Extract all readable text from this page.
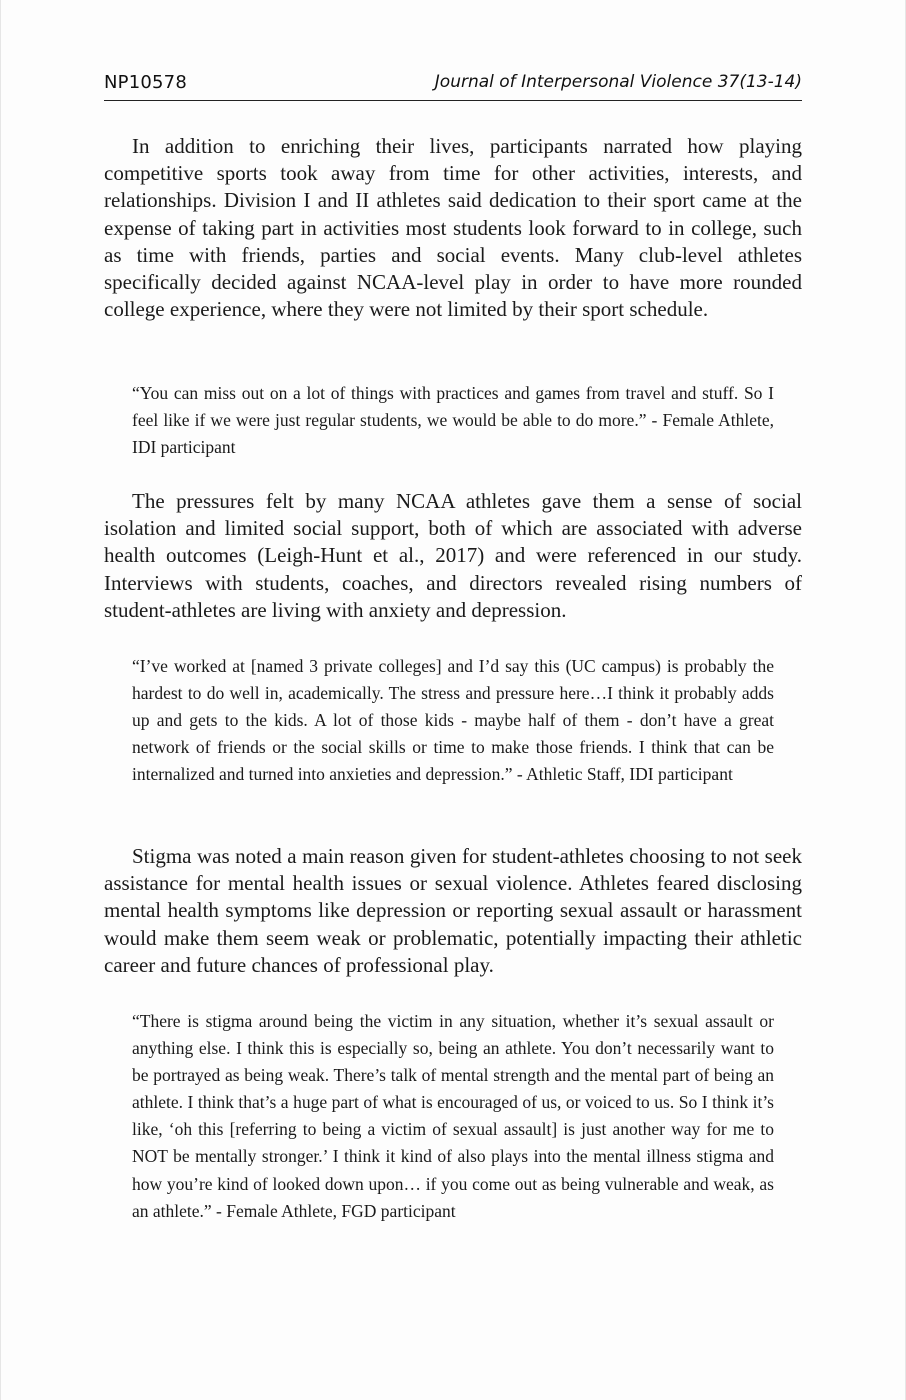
NP10578	Journal of Interpersonal Violence 37(13-14)

In addition to enriching their lives, participants narrated how playing competitive sports took away from time for other activities, interests, and relationships. Division I and II athletes said dedication to their sport came at the expense of taking part in activities most students look forward to in college, such as time with friends, parties and social events. Many club-level athletes specifically decided against NCAA-level play in order to have more rounded college experience, where they were not limited by their sport schedule.

“You can miss out on a lot of things with practices and games from travel and stuff. So I feel like if we were just regular students, we would be able to do more.” - Female Athlete, IDI participant

The pressures felt by many NCAA athletes gave them a sense of social isolation and limited social support, both of which are associated with adverse health outcomes (Leigh-Hunt et al., 2017) and were referenced in our study. Interviews with students, coaches, and directors revealed rising numbers of student-athletes are living with anxiety and depression.

“I’ve worked at [named 3 private colleges] and I’d say this (UC campus) is probably the hardest to do well in, academically. The stress and pressure here…I think it probably adds up and gets to the kids. A lot of those kids - maybe half of them - don’t have a great network of friends or the social skills or time to make those friends. I think that can be internalized and turned into anxieties and depression.” - Athletic Staff, IDI participant

Stigma was noted a main reason given for student-athletes choosing to not seek assistance for mental health issues or sexual violence. Athletes feared disclosing mental health symptoms like depression or reporting sexual assault or harassment would make them seem weak or problematic, potentially impacting their athletic career and future chances of professional play.

“There is stigma around being the victim in any situation, whether it’s sexual assault or anything else. I think this is especially so, being an athlete. You don’t necessarily want to be portrayed as being weak. There’s talk of mental strength and the mental part of being an athlete. I think that’s a huge part of what is encouraged of us, or voiced to us. So I think it’s like, ‘oh this [referring to being a victim of sexual assault] is just another way for me to NOT be mentally stronger.’ I think it kind of also plays into the mental illness stigma and how you’re kind of looked down upon… if you come out as being vulnerable and weak, as an athlete.” - Female Athlete, FGD participant
